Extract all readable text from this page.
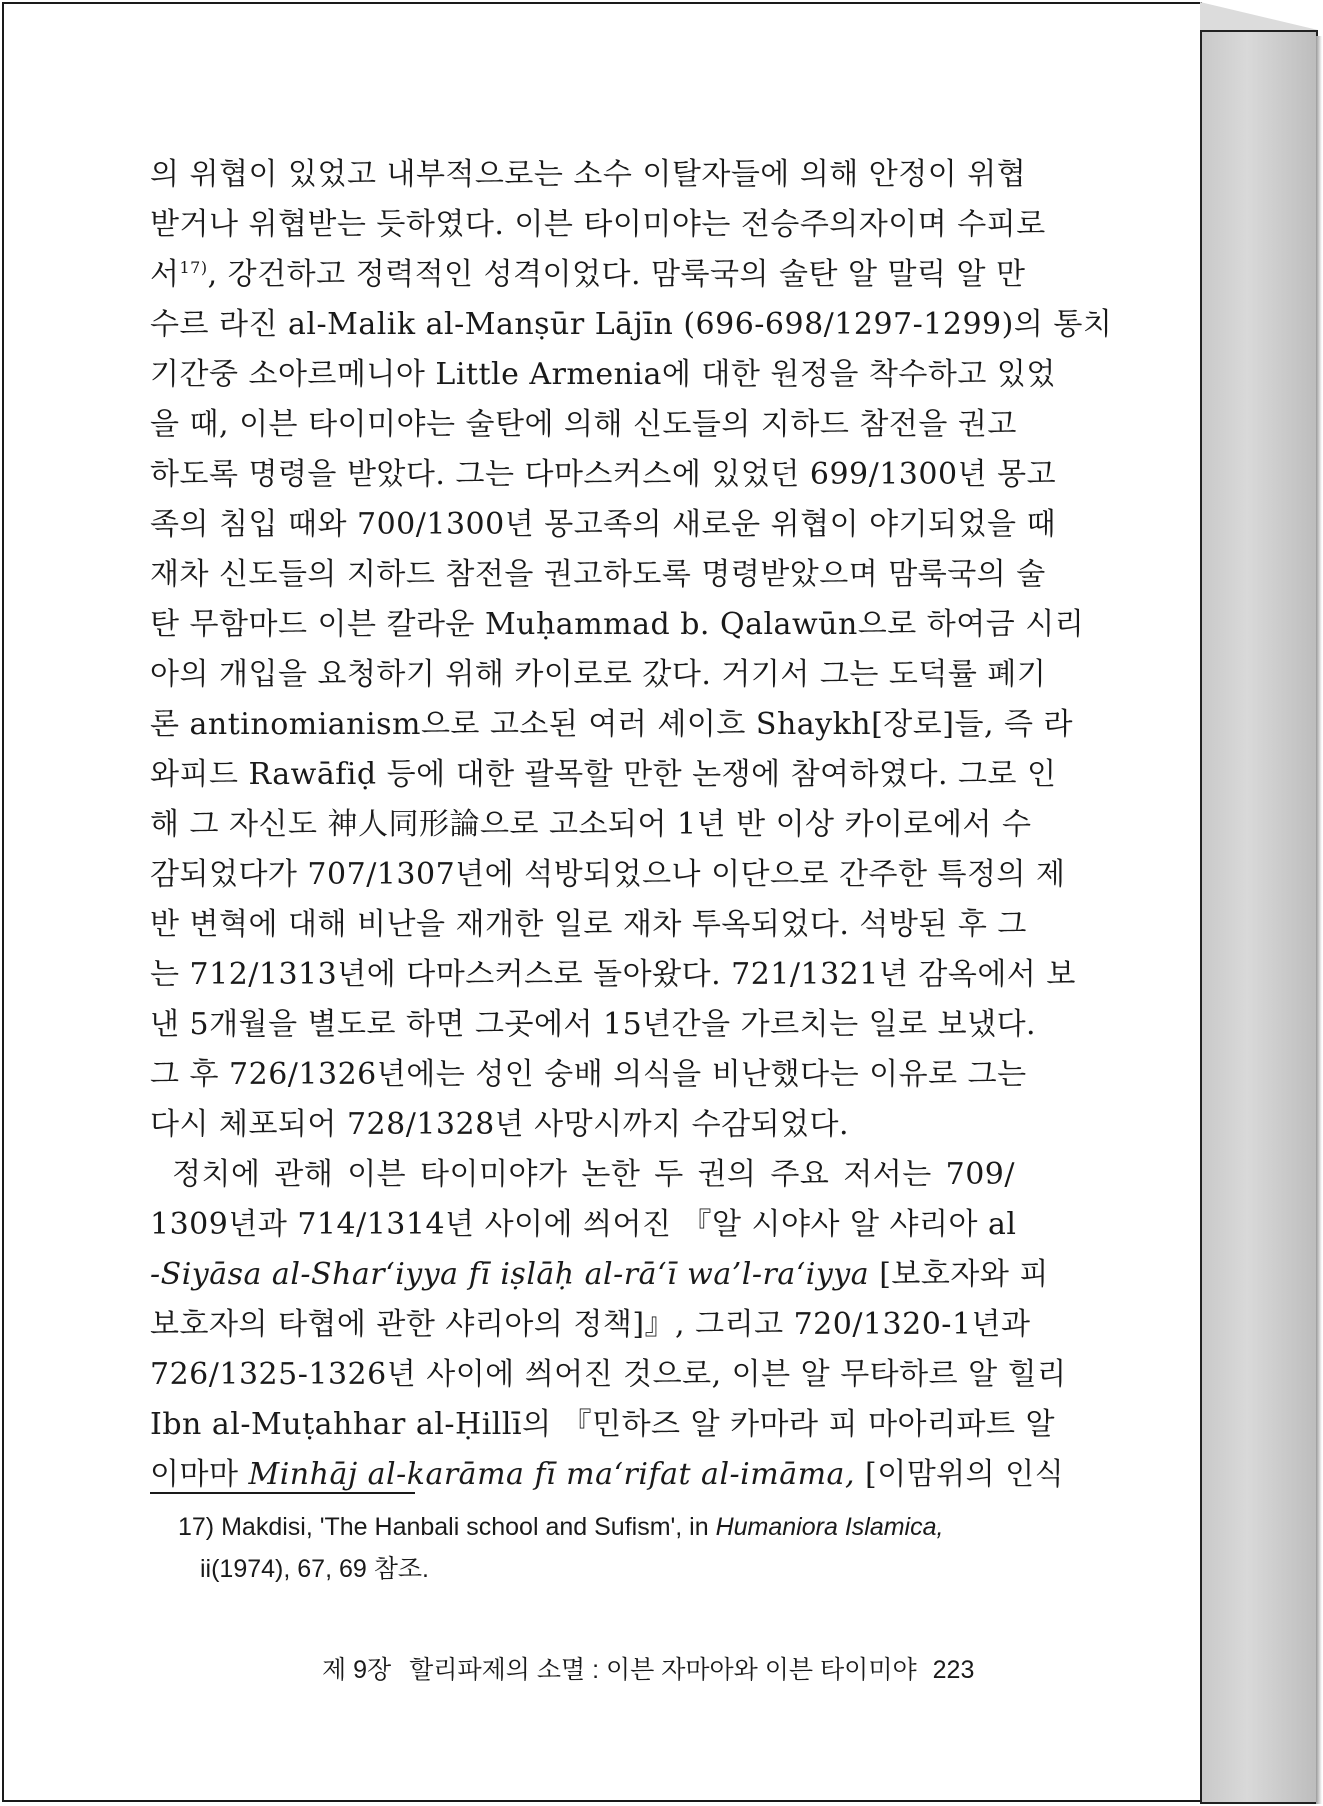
의 위협이 있었고 내부적으로는 소수 이탈자들에 의해 안정이 위협
받거나 위협받는 듯하였다. 이븐 타이미야는 전승주의자이며 수피로
서$^{17)}$, 강건하고 정력적인 성격이었다. 맘룩국의 술탄 알 말릭 알 만
수르 라진 al-Malik al-Manṣūr Lājīn (696-698/1297-1299)의 통치
기간중 소아르메니아 Little Armenia에 대한 원정을 착수하고 있었
을 때, 이븐 타이미야는 술탄에 의해 신도들의 지하드 참전을 권고
하도록 명령을 받았다. 그는 다마스커스에 있었던 699/1300년 몽고
족의 침입 때와 700/1300년 몽고족의 새로운 위협이 야기되었을 때
재차 신도들의 지하드 참전을 권고하도록 명령받았으며 맘룩국의 술
탄 무함마드 이븐 칼라운 Muḥammad b. Qalawūn으로 하여금 시리
아의 개입을 요청하기 위해 카이로로 갔다. 거기서 그는 도덕률 폐기
론 antinomianism으로 고소된 여러 셰이흐 Shaykh[장로]들, 즉 라
와피드 Rawāfiḍ 등에 대한 괄목할 만한 논쟁에 참여하였다. 그로 인
해 그 자신도 神人同形論으로 고소되어 1년 반 이상 카이로에서 수
감되었다가 707/1307년에 석방되었으나 이단으로 간주한 특정의 제
반 변혁에 대해 비난을 재개한 일로 재차 투옥되었다. 석방된 후 그
는 712/1313년에 다마스커스로 돌아왔다. 721/1321년 감옥에서 보
낸 5개월을 별도로 하면 그곳에서 15년간을 가르치는 일로 보냈다.
그 후 726/1326년에는 성인 숭배 의식을 비난했다는 이유로 그는
다시 체포되어 728/1328년 사망시까지 수감되었다.

정치에 관해 이븐 타이미야가 논한 두 권의 주요 저서는 709/
1309년과 714/1314년 사이에 씌어진 『알 시야사 알 샤리아 al
-Siyāsa al-Shar‘iyya fī iṣlāḥ al-rā‘ī wa’l-ra‘iyya [보호자와 피
보호자의 타협에 관한 샤리아의 정책]』, 그리고 720/1320-1년과
726/1325-1326년 사이에 씌어진 것으로, 이븐 알 무타하르 알 힐리
Ibn al-Muṭahhar al-Ḥillī의 『민하즈 알 카마라 피 마아리파트 알
이마마 Minhāj al-karāma fī ma‘rifat al-imāma, [이맘위의 인식

17) Makdisi, 'The Hanbali school and Sufism', in Humaniora Islamica,
ii(1974), 67, 69 참조.
제 9장 할리파제의 소멸 : 이븐 자마아와 이븐 타이미야 223
